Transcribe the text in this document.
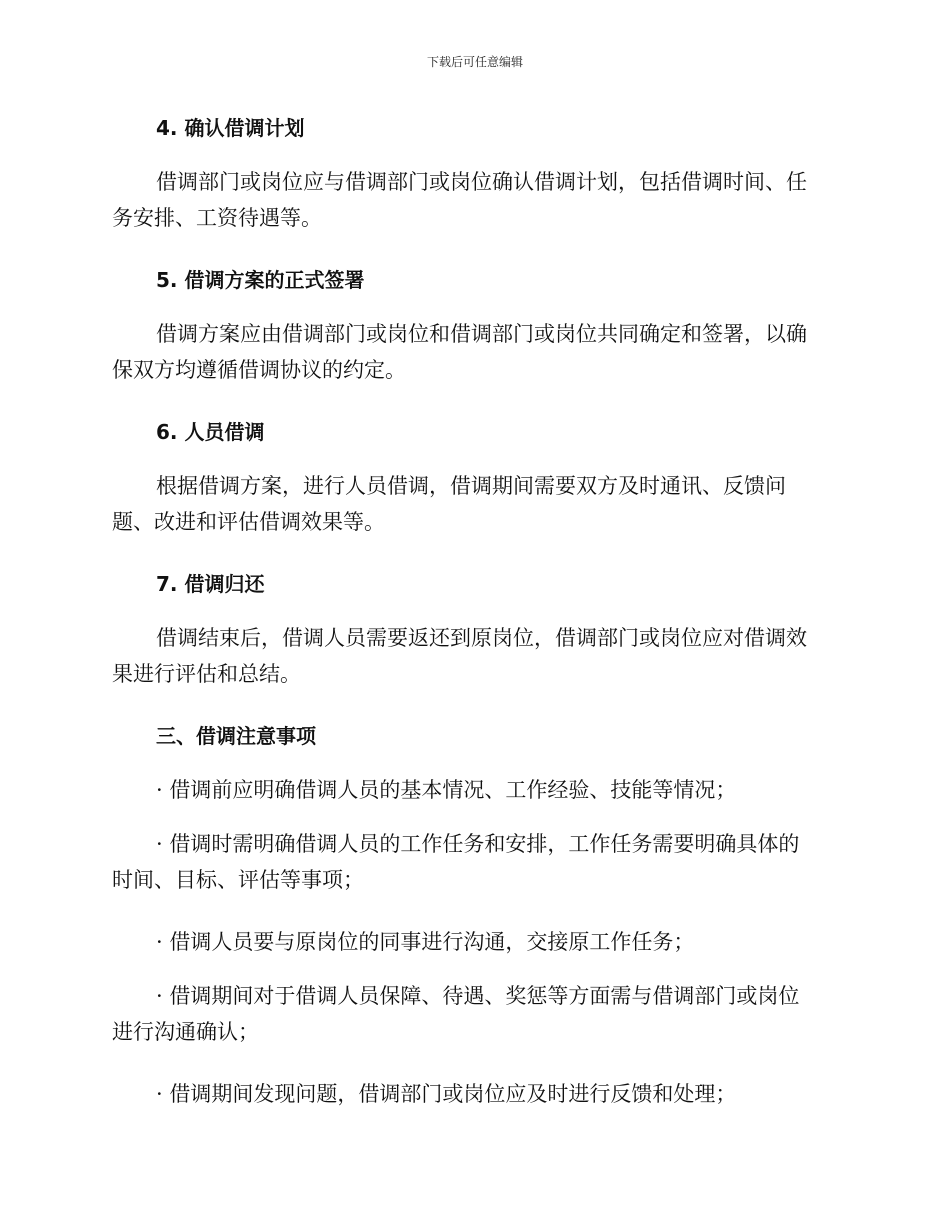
下载后可任意编辑
4. 确认借调计划
借调部门或岗位应与借调部门或岗位确认借调计划，包括借调时间、任
务安排、工资待遇等。
5. 借调方案的正式签署
借调方案应由借调部门或岗位和借调部门或岗位共同确定和签署，以确
保双方均遵循借调协议的约定。
6. 人员借调
根据借调方案，进行人员借调，借调期间需要双方及时通讯、反馈问
题、改进和评估借调效果等。
7. 借调归还
借调结束后，借调人员需要返还到原岗位，借调部门或岗位应对借调效
果进行评估和总结。
三、借调注意事项
· 借调前应明确借调人员的基本情况、工作经验、技能等情况；
· 借调时需明确借调人员的工作任务和安排，工作任务需要明确具体的
时间、目标、评估等事项；
· 借调人员要与原岗位的同事进行沟通，交接原工作任务；
· 借调期间对于借调人员保障、待遇、奖惩等方面需与借调部门或岗位
进行沟通确认；
· 借调期间发现问题，借调部门或岗位应及时进行反馈和处理；
